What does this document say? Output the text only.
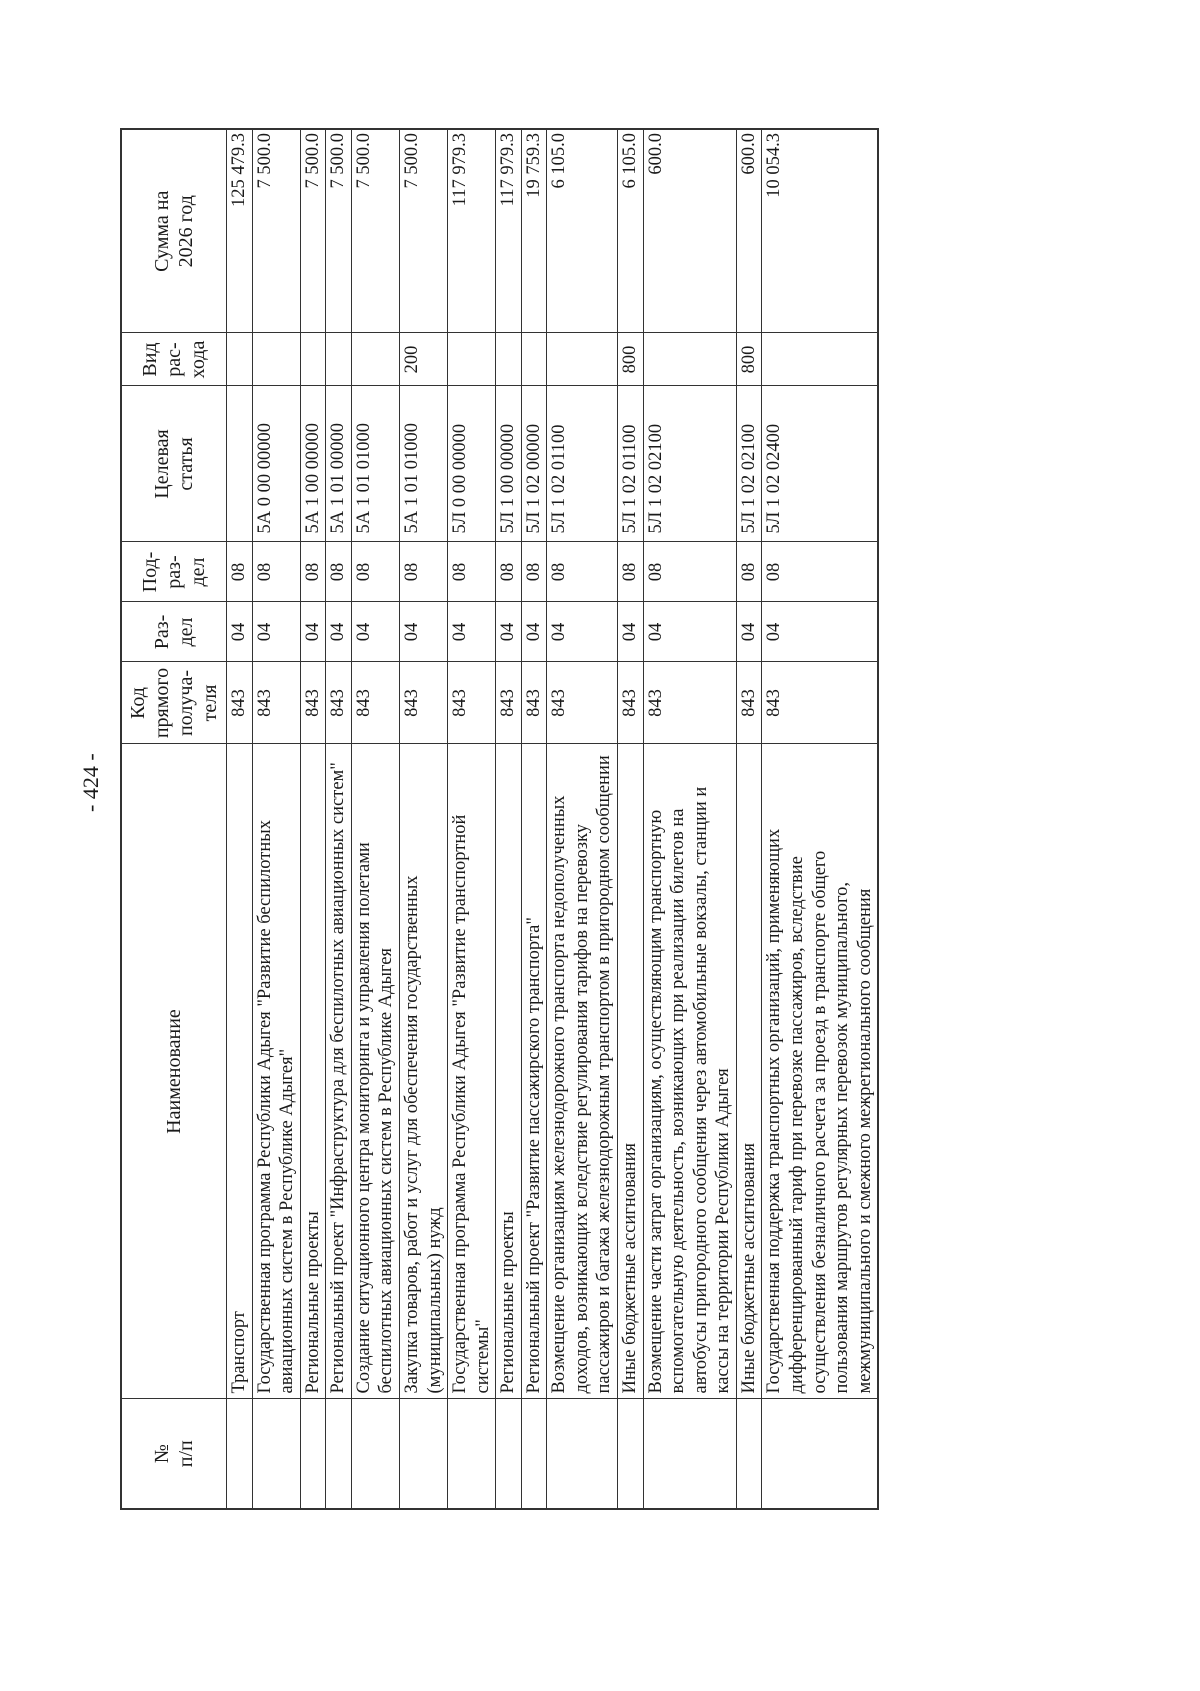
- 424 -
№
п/п	Наименование	Код
прямого
получа-
теля	Раз-
дел	Под-
раз-
дел	Целевая
статья	Вид
рас-
хода	Сумма на
2026 год
	Транспорт	843	04	08			125 479.3
	Государственная программа Республики Адыгея "Развитие беспилотных авиационных систем в Республике Адыгея"	843	04	08	5А 0 00 00000		7 500.0
	Региональные проекты	843	04	08	5А 1 00 00000		7 500.0
	Региональный проект "Инфраструктура для беспилотных авиационных систем"	843	04	08	5А 1 01 00000		7 500.0
	Создание ситуационного центра мониторинга и управления полетами беспилотных авиационных систем в Республике Адыгея	843	04	08	5А 1 01 01000		7 500.0
	Закупка товаров, работ и услуг для обеспечения государственных (муниципальных) нужд	843	04	08	5А 1 01 01000	200	7 500.0
	Государственная программа Республики Адыгея "Развитие транспортной системы"	843	04	08	5Л 0 00 00000		117 979.3
	Региональные проекты	843	04	08	5Л 1 00 00000		117 979.3
	Региональный проект "Развитие пассажирского транспорта"	843	04	08	5Л 1 02 00000		19 759.3
	Возмещение организациям железнодорожного транспорта недополученных доходов, возникающих вследствие регулирования тарифов на перевозку пассажиров и багажа железнодорожным транспортом в пригородном сообщении	843	04	08	5Л 1 02 01100		6 105.0
	Иные бюджетные ассигнования	843	04	08	5Л 1 02 01100	800	6 105.0
	Возмещение части затрат организациям, осуществляющим транспортную вспомогательную деятельность, возникающих при реализации билетов на автобусы пригородного сообщения через автомобильные вокзалы, станции и кассы на территории Республики Адыгея	843	04	08	5Л 1 02 02100		600.0
	Иные бюджетные ассигнования	843	04	08	5Л 1 02 02100	800	600.0
	Государственная поддержка транспортных организаций, применяющих дифференцированный тариф при перевозке пассажиров, вследствие осуществления безналичного расчета за проезд в транспорте общего пользования маршрутов регулярных перевозок муниципального, межмуниципального и смежного межрегионального сообщения	843	04	08	5Л 1 02 02400		10 054.3
